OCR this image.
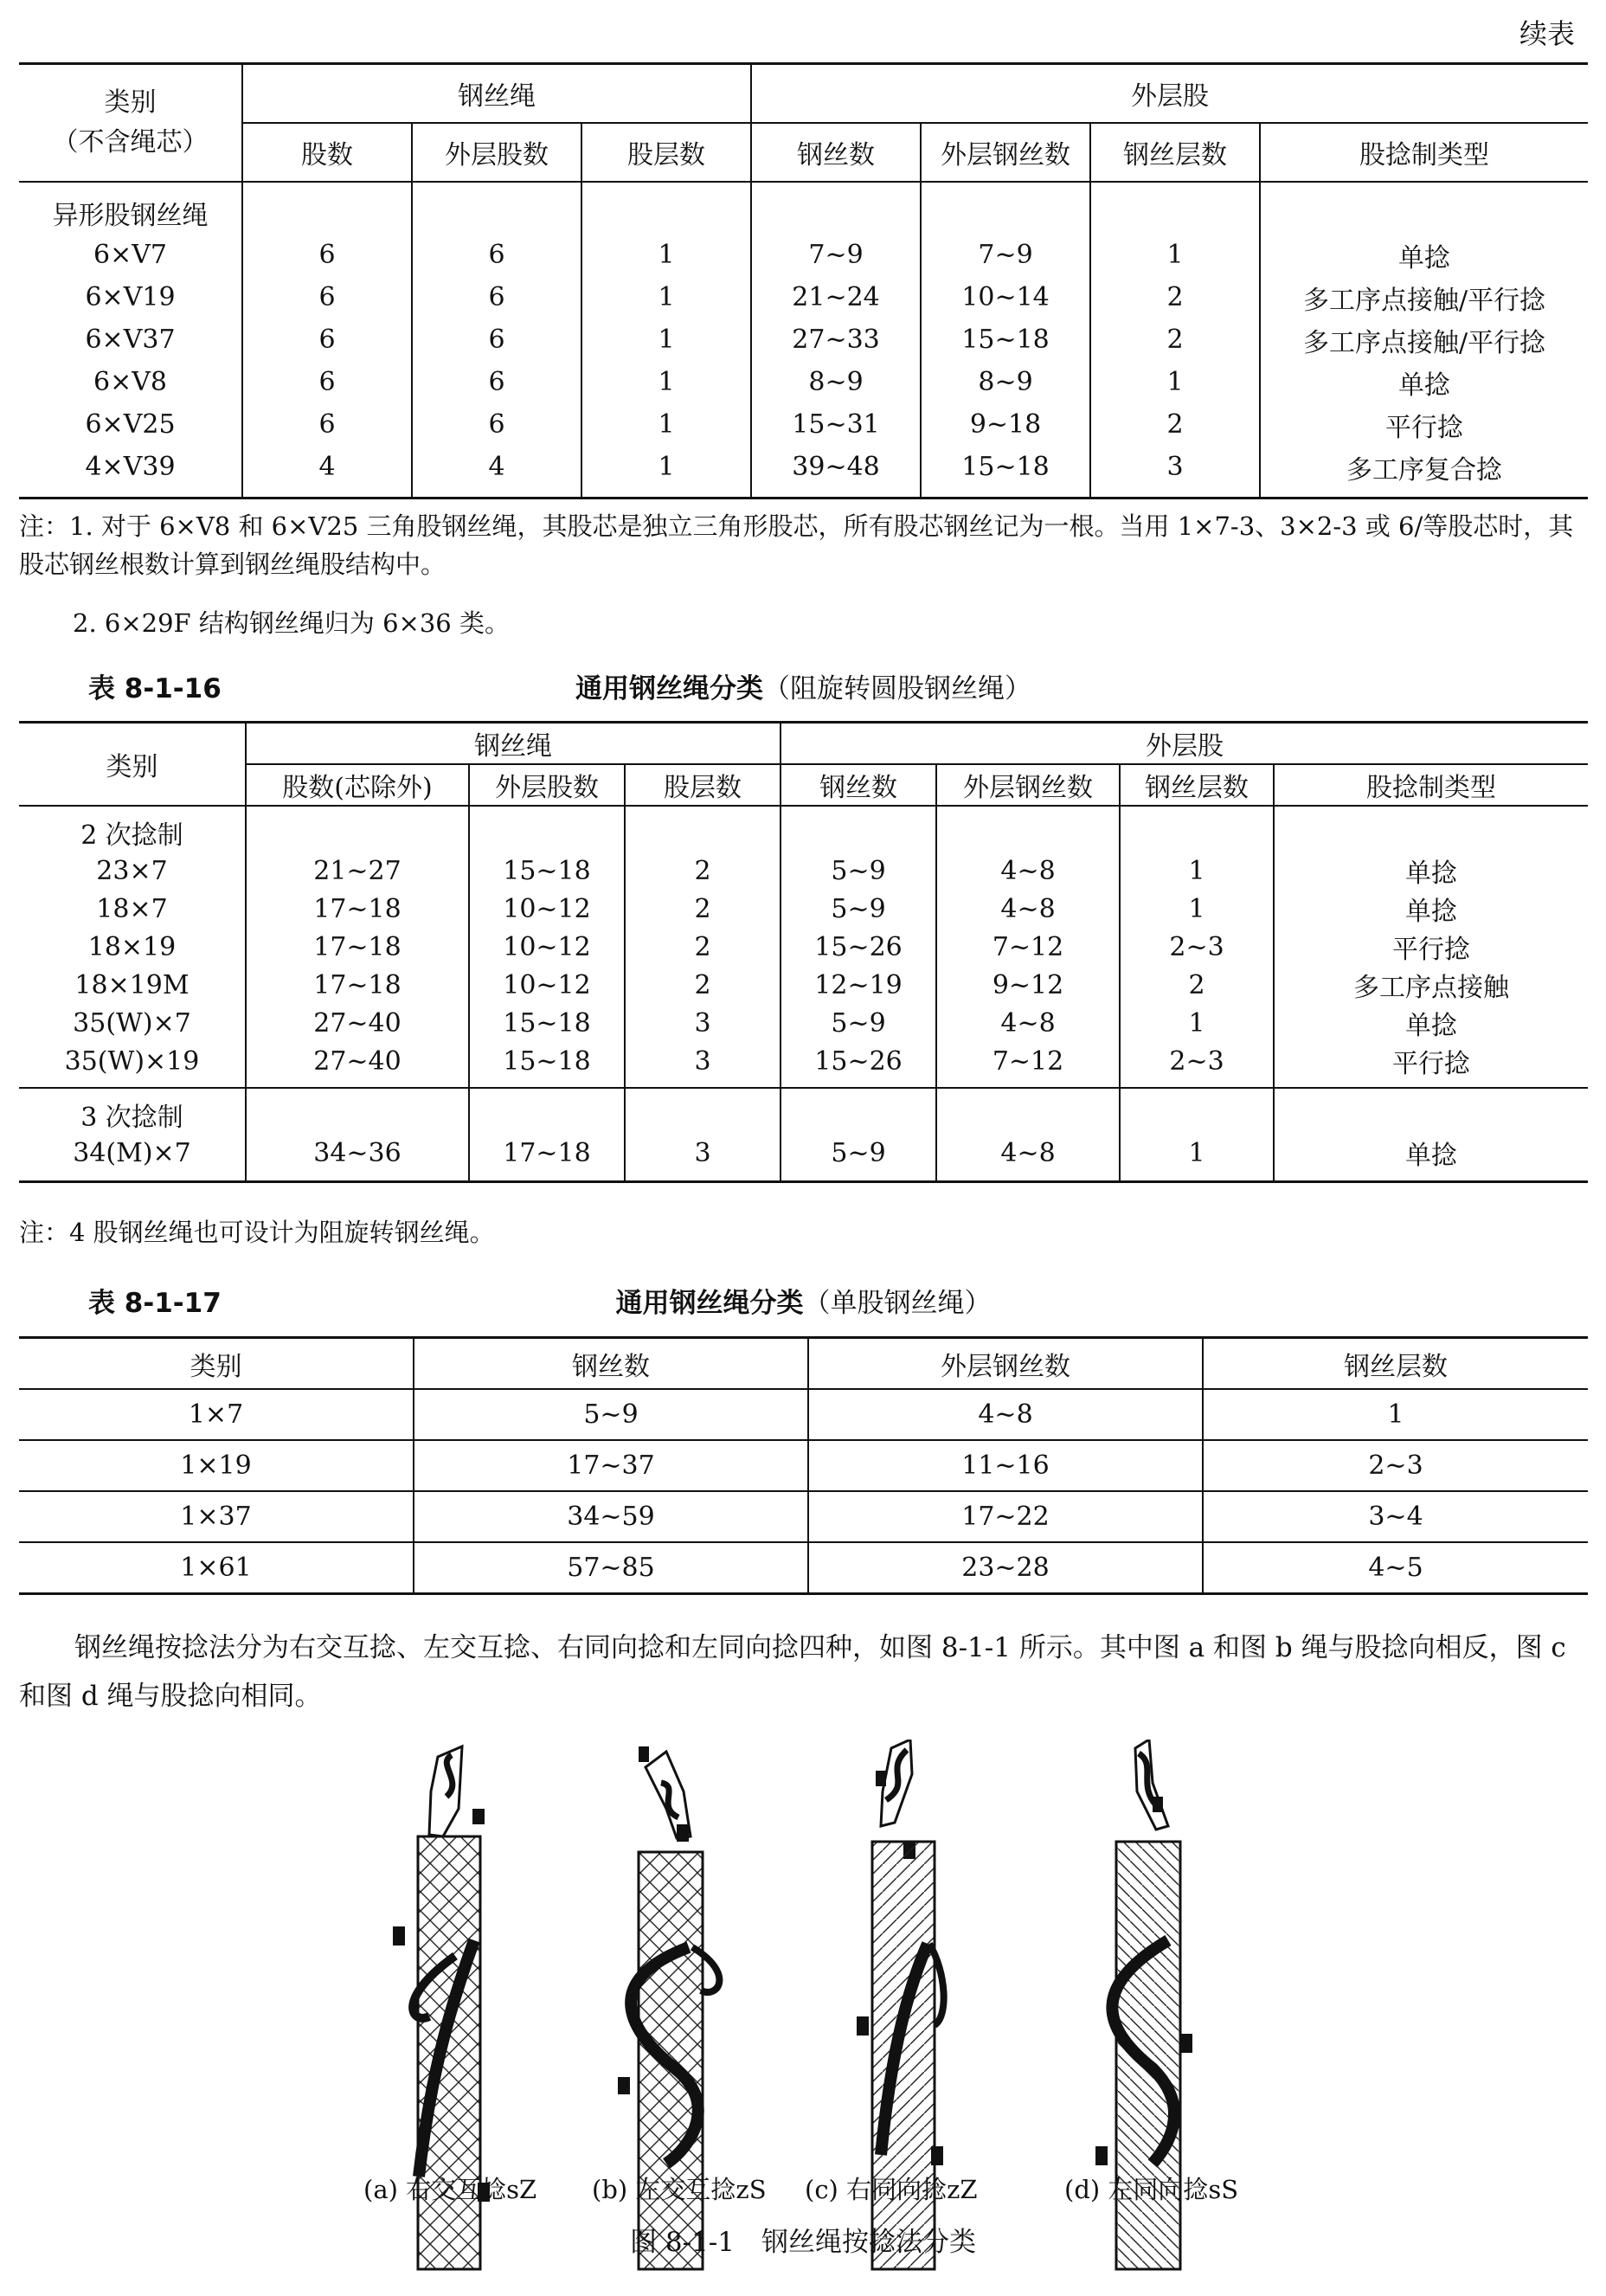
续表
类别
（不含绳芯）	钢丝绳			外层股			
	股数	外层股数	股层数	钢丝数	外层钢丝数	钢丝层数	股捻制类型
异形股钢丝绳							
6×V7	6	6	1	7~9	7~9	1	单捻
6×V19	6	6	1	21~24	10~14	2	多工序点接触/平行捻
6×V37	6	6	1	27~33	15~18	2	多工序点接触/平行捻
6×V8	6	6	1	8~9	8~9	1	单捻
6×V25	6	6	1	15~31	9~18	2	平行捻
4×V39	4	4	1	39~48	15~18	3	多工序复合捻
注：1. 对于 6×V8 和 6×V25 三角股钢丝绳，其股芯是独立三角形股芯，所有股芯钢丝记为一根。当用 1×7-3、3×2-3 或 6/等股芯时，其股芯钢丝根数计算到钢丝绳股结构中。
2. 6×29F 结构钢丝绳归为 6×36 类。
表 8-1-16	通用钢丝绳分类（阻旋转圆股钢丝绳）
类别	钢丝绳			外层股			
	股数(芯除外)	外层股数	股层数	钢丝数	外层钢丝数	钢丝层数	股捻制类型
2 次捻制							
23×7	21~27	15~18	2	5~9	4~8	1	单捻
18×7	17~18	10~12	2	5~9	4~8	1	单捻
18×19	17~18	10~12	2	15~26	7~12	2~3	平行捻
18×19M	17~18	10~12	2	12~19	9~12	2	多工序点接触
35(W)×7	27~40	15~18	3	5~9	4~8	1	单捻
35(W)×19	27~40	15~18	3	15~26	7~12	2~3	平行捻
3 次捻制							
34(M)×7	34~36	17~18	3	5~9	4~8	1	单捻
注：4 股钢丝绳也可设计为阻旋转钢丝绳。
表 8-1-17	通用钢丝绳分类（单股钢丝绳）
类别	钢丝数	外层钢丝数	钢丝层数
1×7	5~9	4~8	1
1×19	17~37	11~16	2~3
1×37	34~59	17~22	3~4
1×61	57~85	23~28	4~5
钢丝绳按捻法分为右交互捻、左交互捻、右同向捻和左同向捻四种，如图 8-1-1 所示。其中图 a 和图 b 绳与股捻向相反，图 c 和图 d 绳与股捻向相同。
(a) 右交互捻sZ (b) 左交互捻zS (c) 右同向捻zZ	(d) 左同向捻sS
图 8-1-1　钢丝绳按捻法分类
